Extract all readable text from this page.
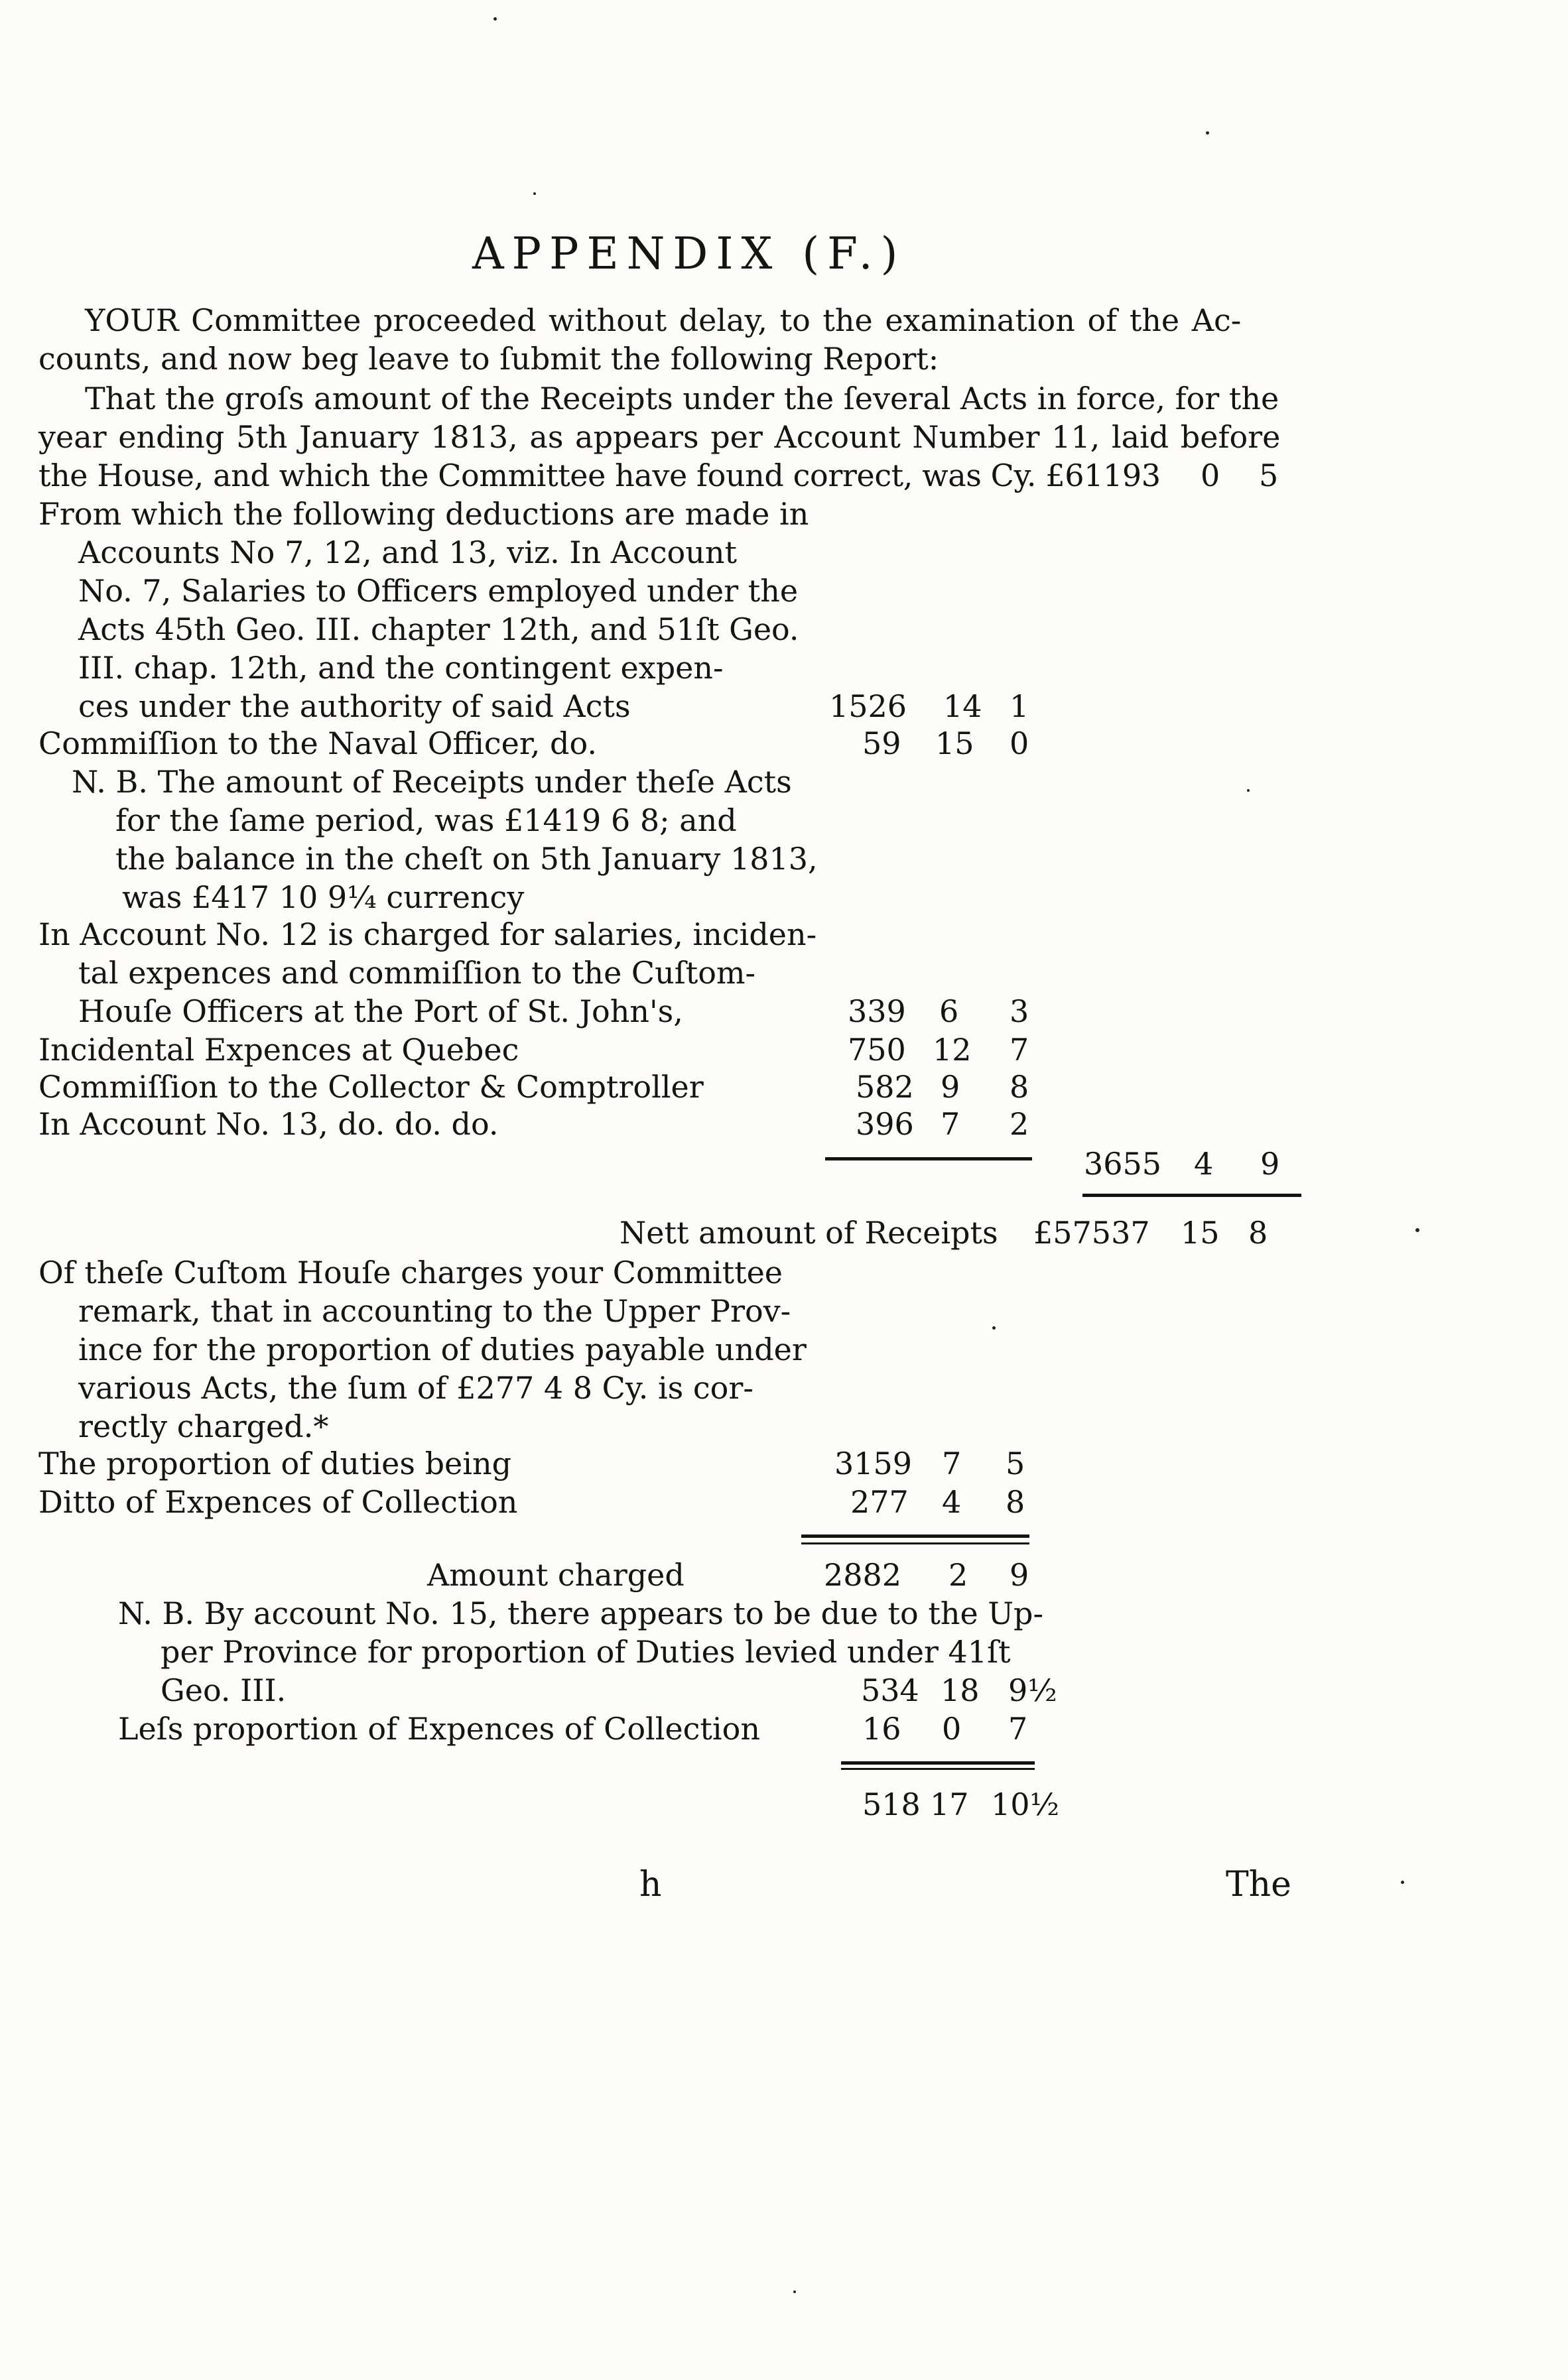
APPENDIX (F.)
YOUR Committee proceeded without delay, to the examination of the Ac-
counts, and now beg leave to ſubmit the following Report:
That the groſs amount of the Receipts under the ſeveral Acts in force, for the
year ending 5th January 1813, as appears per Account Number 11, laid before
the House, and which the Committee have found correct, was Cy. £61193 0 5
From which the following deductions are made in
Accounts No 7, 12, and 13, viz. In Account
No. 7, Salaries to Officers employed under the
Acts 45th Geo. III. chapter 12th, and 51ſt Geo.
III. chap. 12th, and the contingent expen-
ces under the authority of said Acts	1526 14 1
Commiſſion to the Naval Officer, do.	59 15 0
N. B. The amount of Receipts under theſe Acts
for the ſame period, was £1419 6 8; and
the balance in the cheſt on 5th January 1813,
was £417 10 9¼ currency
In Account No. 12 is charged for salaries, inciden-
tal expences and commiſſion to the Cuſtom-
Houſe Officers at the Port of St. John's,	339 6 3
Incidental Expences at Quebec	750 12 7
Commiſſion to the Collector & Comptroller	582 9 8
In Account No. 13, do. do. do.	396 7 2
3655 4 9
Nett amount of Receipts £57537 15 8
Of theſe Cuſtom Houſe charges your Committee
remark, that in accounting to the Upper Prov-
ince for the proportion of duties payable under
various Acts, the ſum of £277 4 8 Cy. is cor-
rectly charged.*
The proportion of duties being	3159 7 5
Ditto of Expences of Collection	277 4 8
Amount charged	2882 2 9
N. B. By account No. 15, there appears to be due to the Up-
per Province for proportion of Duties levied under 41ſt
Geo. III.	534 18 9½
Leſs proportion of Expences of Collection	16 0 7
518 17 10½
h	The
